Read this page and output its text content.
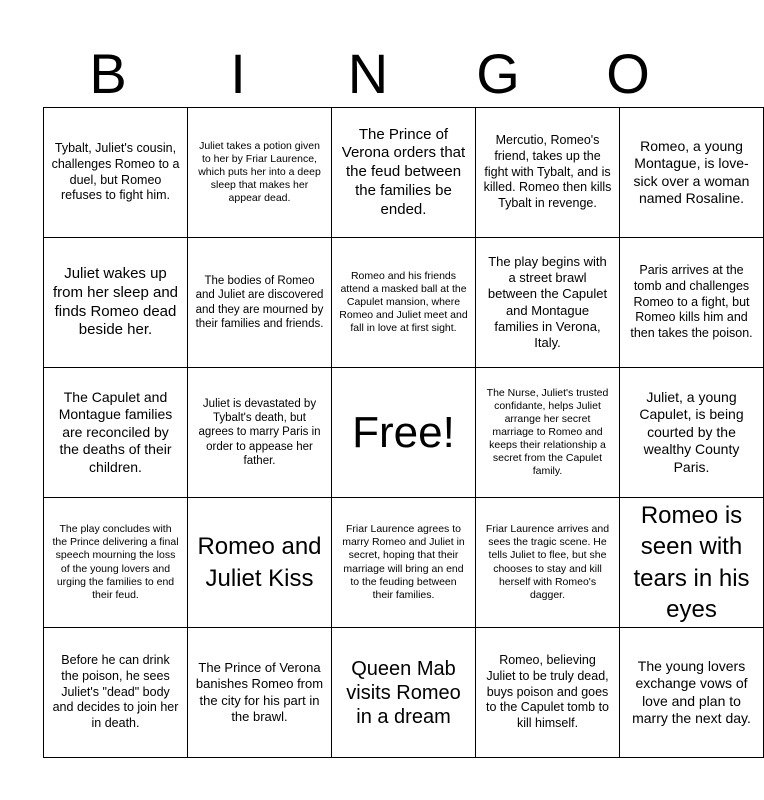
B	I	N	G	O
Tybalt, Juliet's cousin, challenges Romeo to a duel, but Romeo refuses to fight him.	Juliet takes a potion given to her by Friar Laurence, which puts her into a deep sleep that makes her appear dead.	The Prince of Verona orders that the feud between the families be ended.	Mercutio, Romeo's friend, takes up the fight with Tybalt, and is killed. Romeo then kills Tybalt in revenge.	Romeo, a young Montague, is love-sick over a woman named Rosaline.
Juliet wakes up from her sleep and finds Romeo dead beside her.	The bodies of Romeo and Juliet are discovered and they are mourned by their families and friends.	Romeo and his friends attend a masked ball at the Capulet mansion, where Romeo and Juliet meet and fall in love at first sight.	The play begins with a street brawl between the Capulet and Montague families in Verona, Italy.	Paris arrives at the tomb and challenges Romeo to a fight, but Romeo kills him and then takes the poison.
The Capulet and Montague families are reconciled by the deaths of their children.	Juliet is devastated by Tybalt's death, but agrees to marry Paris in order to appease her father.	Free!	The Nurse, Juliet's trusted confidante, helps Juliet arrange her secret marriage to Romeo and keeps their relationship a secret from the Capulet family.	Juliet, a young Capulet, is being courted by the wealthy County Paris.
The play concludes with the Prince delivering a final speech mourning the loss of the young lovers and urging the families to end their feud.	Romeo and Juliet Kiss	Friar Laurence agrees to marry Romeo and Juliet in secret, hoping that their marriage will bring an end to the feuding between their families.	Friar Laurence arrives and sees the tragic scene. He tells Juliet to flee, but she chooses to stay and kill herself with Romeo's dagger.	Romeo is seen with tears in his eyes
Before he can drink the poison, he sees Juliet's "dead" body and decides to join her in death.	The Prince of Verona banishes Romeo from the city for his part in the brawl.	Queen Mab visits Romeo in a dream	Romeo, believing Juliet to be truly dead, buys poison and goes to the Capulet tomb to kill himself.	The young lovers exchange vows of love and plan to marry the next day.
